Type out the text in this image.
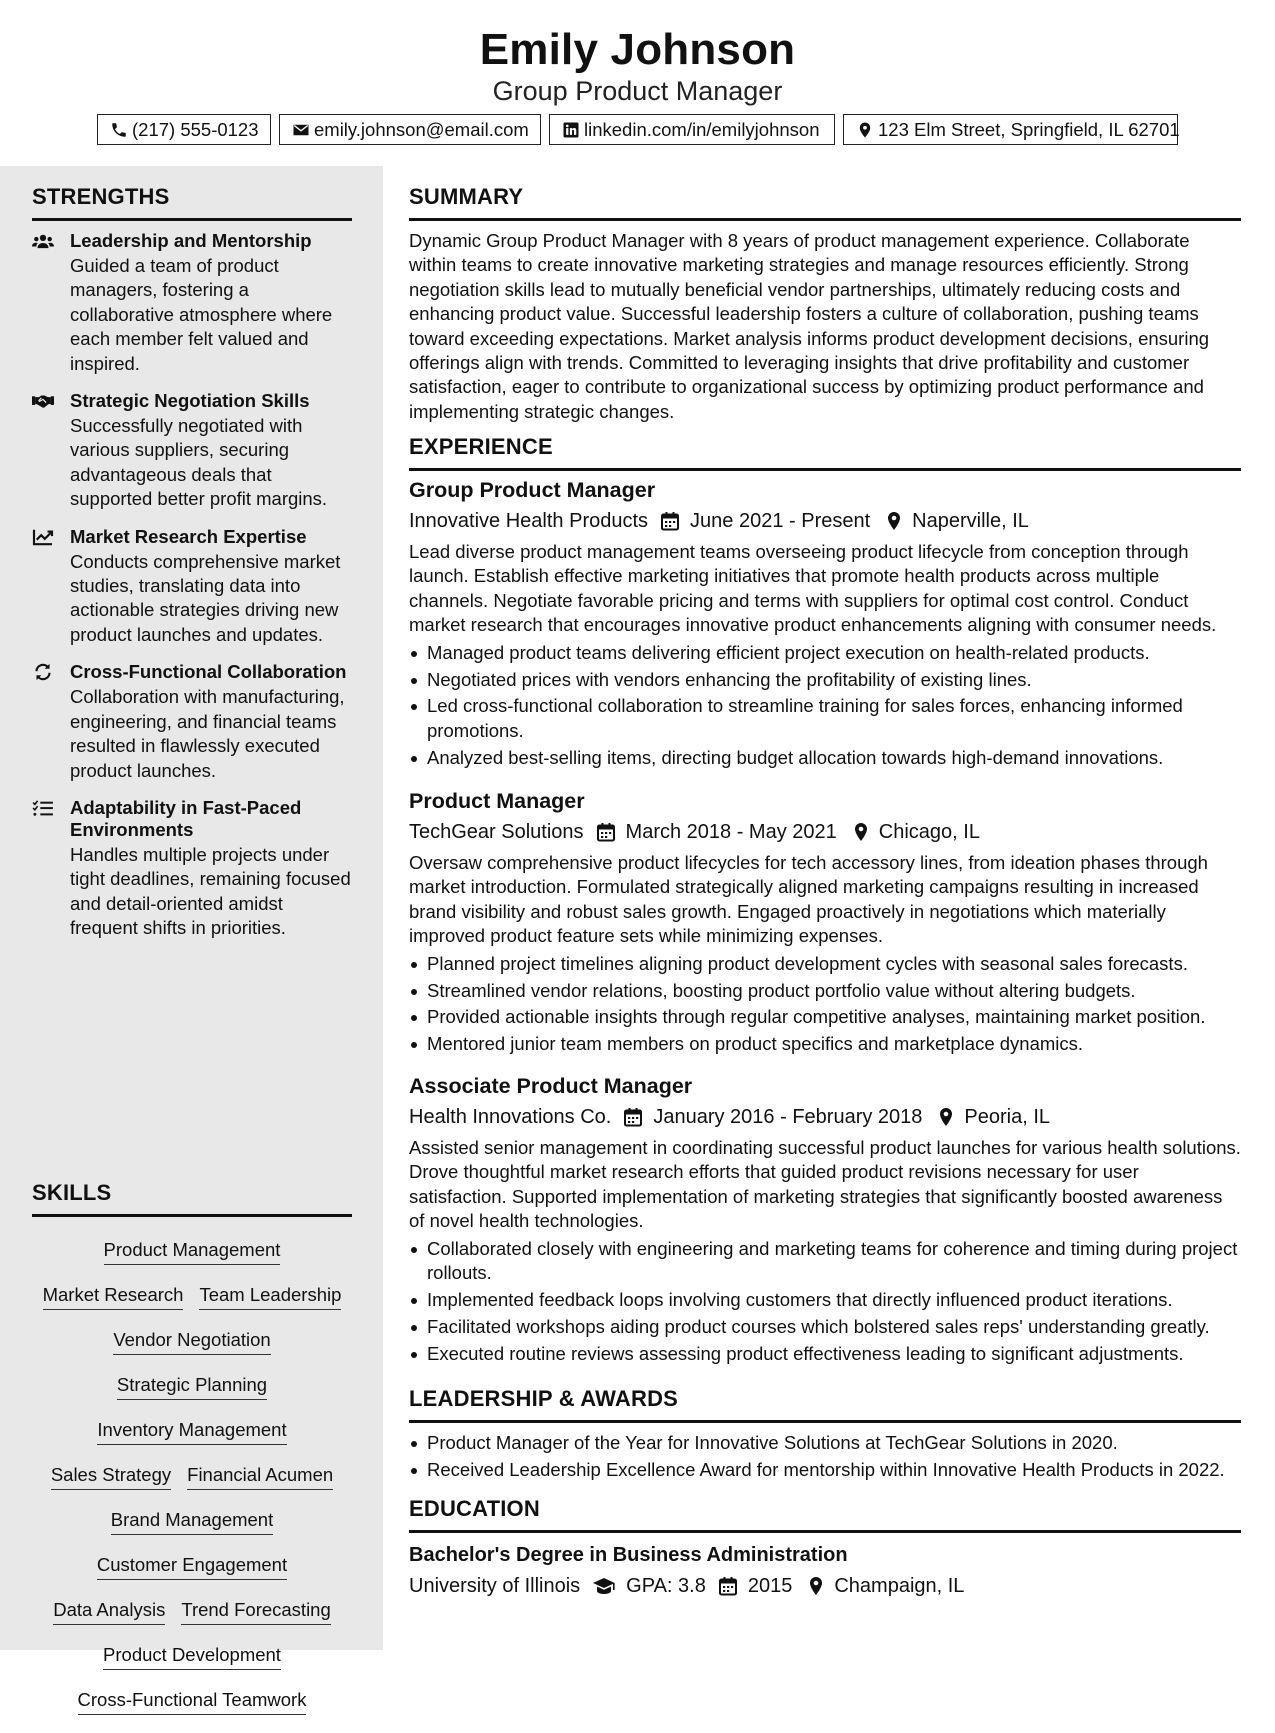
Emily Johnson
Group Product Manager
(217) 555-0123	emily.johnson@email.com	linkedin.com/in/emilyjohnson	123 Elm Street, Springfield, IL 62701
STRENGTHS
Leadership and Mentorship
Guided a team of product managers, fostering a collaborative atmosphere where each member felt valued and inspired.
Strategic Negotiation Skills
Successfully negotiated with various suppliers, securing advantageous deals that supported better profit margins.
Market Research Expertise
Conducts comprehensive market studies, translating data into actionable strategies driving new product launches and updates.
Cross-Functional Collaboration
Collaboration with manufacturing, engineering, and financial teams resulted in flawlessly executed product launches.
Adaptability in Fast-Paced Environments
Handles multiple projects under tight deadlines, remaining focused and detail-oriented amidst frequent shifts in priorities.
SKILLS
Product Management
Market Research Team Leadership
Vendor Negotiation
Strategic Planning
Inventory Management
Sales Strategy Financial Acumen
Brand Management
Customer Engagement
Data Analysis Trend Forecasting
Product Development
Cross-Functional Teamwork
SUMMARY
Dynamic Group Product Manager with 8 years of product management experience. Collaborate within teams to create innovative marketing strategies and manage resources efficiently. Strong negotiation skills lead to mutually beneficial vendor partnerships, ultimately reducing costs and enhancing product value. Successful leadership fosters a culture of collaboration, pushing teams toward exceeding expectations. Market analysis informs product development decisions, ensuring offerings align with trends. Committed to leveraging insights that drive profitability and customer satisfaction, eager to contribute to organizational success by optimizing product performance and implementing strategic changes.
EXPERIENCE
Group Product Manager
Innovative Health Products June 2021 - Present Naperville, IL
Lead diverse product management teams overseeing product lifecycle from conception through launch. Establish effective marketing initiatives that promote health products across multiple channels. Negotiate favorable pricing and terms with suppliers for optimal cost control. Conduct market research that encourages innovative product enhancements aligning with consumer needs.
Managed product teams delivering efficient project execution on health-related products.
Negotiated prices with vendors enhancing the profitability of existing lines.
Led cross-functional collaboration to streamline training for sales forces, enhancing informed promotions.
Analyzed best-selling items, directing budget allocation towards high-demand innovations.
Product Manager
TechGear Solutions March 2018 - May 2021 Chicago, IL
Oversaw comprehensive product lifecycles for tech accessory lines, from ideation phases through market introduction. Formulated strategically aligned marketing campaigns resulting in increased brand visibility and robust sales growth. Engaged proactively in negotiations which materially improved product feature sets while minimizing expenses.
Planned project timelines aligning product development cycles with seasonal sales forecasts.
Streamlined vendor relations, boosting product portfolio value without altering budgets.
Provided actionable insights through regular competitive analyses, maintaining market position.
Mentored junior team members on product specifics and marketplace dynamics.
Associate Product Manager
Health Innovations Co. January 2016 - February 2018 Peoria, IL
Assisted senior management in coordinating successful product launches for various health solutions. Drove thoughtful market research efforts that guided product revisions necessary for user satisfaction. Supported implementation of marketing strategies that significantly boosted awareness of novel health technologies.
Collaborated closely with engineering and marketing teams for coherence and timing during project rollouts.
Implemented feedback loops involving customers that directly influenced product iterations.
Facilitated workshops aiding product courses which bolstered sales reps' understanding greatly.
Executed routine reviews assessing product effectiveness leading to significant adjustments.
LEADERSHIP & AWARDS
Product Manager of the Year for Innovative Solutions at TechGear Solutions in 2020.
Received Leadership Excellence Award for mentorship within Innovative Health Products in 2022.
EDUCATION
Bachelor's Degree in Business Administration
University of Illinois GPA: 3.8 2015 Champaign, IL
